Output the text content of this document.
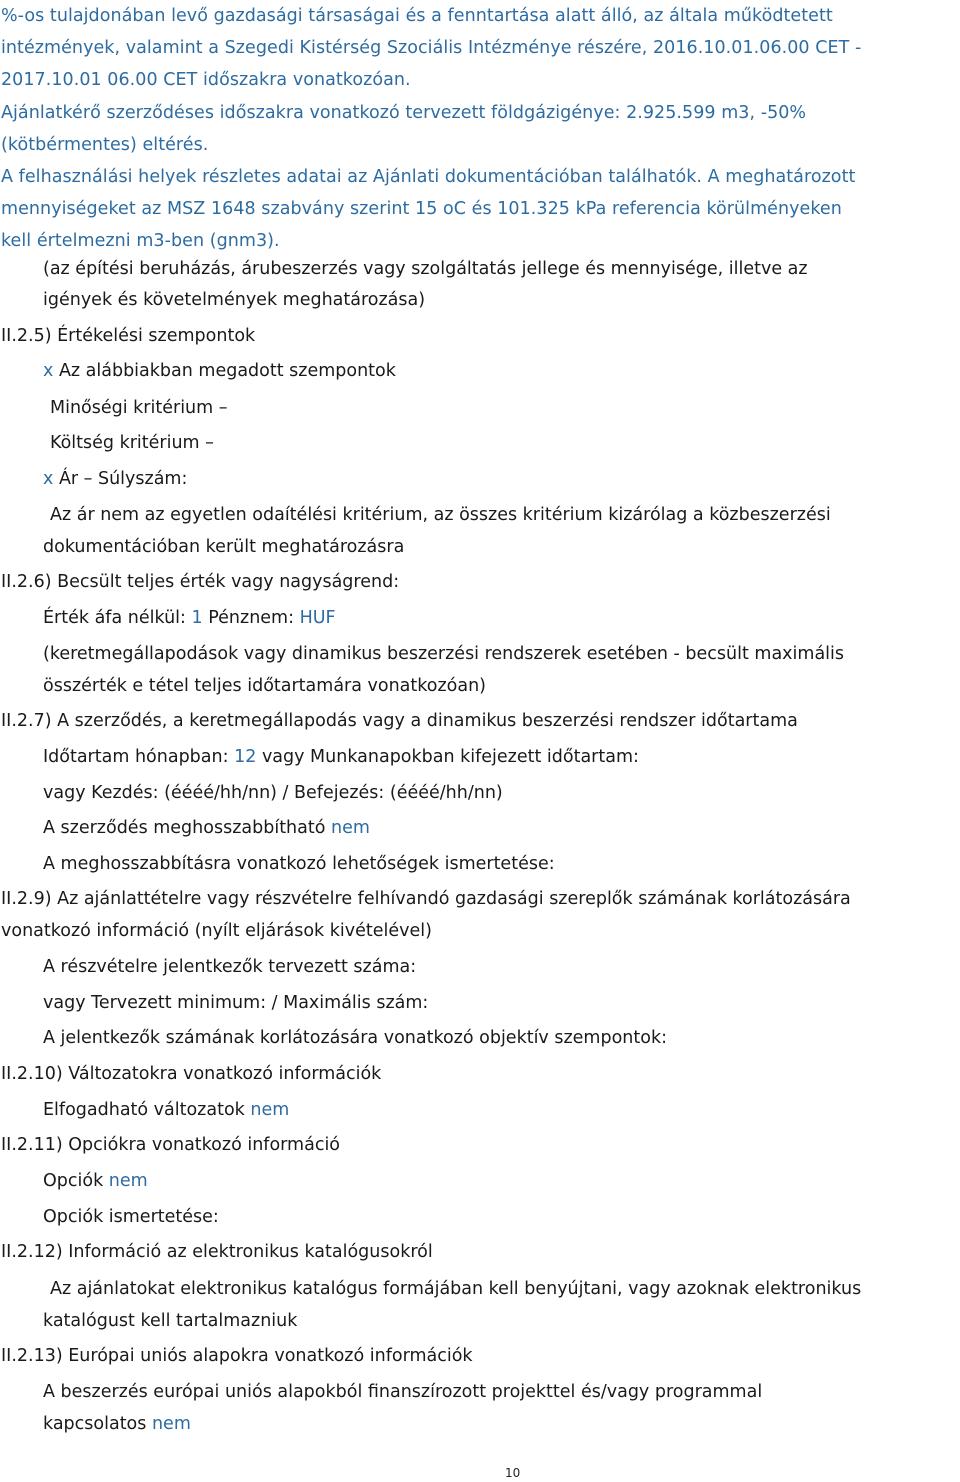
%-os tulajdonában levő gazdasági társaságai és a fenntartása alatt álló, az általa működtetett
intézmények, valamint a Szegedi Kistérség Szociális Intézménye részére, 2016.10.01.06.00 CET -
2017.10.01 06.00 CET időszakra vonatkozóan.
Ajánlatkérő szerződéses időszakra vonatkozó tervezett földgázigénye: 2.925.599 m3, -50%
(kötbérmentes) eltérés.
A felhasználási helyek részletes adatai az Ajánlati dokumentációban találhatók. A meghatározott
mennyiségeket az MSZ 1648 szabvány szerint 15 oC és 101.325 kPa referencia körülményeken
kell értelmezni m3-ben (gnm3).
(az építési beruházás, árubeszerzés vagy szolgáltatás jellege és mennyisége, illetve az
igények és követelmények meghatározása)
II.2.5) Értékelési szempontok
x Az alábbiakban megadott szempontok
Minőségi kritérium –
Költség kritérium –
x Ár – Súlyszám:
Az ár nem az egyetlen odaítélési kritérium, az összes kritérium kizárólag a közbeszerzési
dokumentációban került meghatározásra
II.2.6) Becsült teljes érték vagy nagyságrend:
Érték áfa nélkül: 1 Pénznem: HUF
(keretmegállapodások vagy dinamikus beszerzési rendszerek esetében - becsült maximális
összérték e tétel teljes időtartamára vonatkozóan)
II.2.7) A szerződés, a keretmegállapodás vagy a dinamikus beszerzési rendszer időtartama
Időtartam hónapban: 12 vagy Munkanapokban kifejezett időtartam:
vagy Kezdés: (éééé/hh/nn) / Befejezés: (éééé/hh/nn)
A szerződés meghosszabbítható nem
A meghosszabbításra vonatkozó lehetőségek ismertetése:
II.2.9) Az ajánlattételre vagy részvételre felhívandó gazdasági szereplők számának korlátozására
vonatkozó információ (nyílt eljárások kivételével)
A részvételre jelentkezők tervezett száma:
vagy Tervezett minimum: / Maximális szám:
A jelentkezők számának korlátozására vonatkozó objektív szempontok:
II.2.10) Változatokra vonatkozó információk
Elfogadható változatok nem
II.2.11) Opciókra vonatkozó információ
Opciók nem
Opciók ismertetése:
II.2.12) Információ az elektronikus katalógusokról
Az ajánlatokat elektronikus katalógus formájában kell benyújtani, vagy azoknak elektronikus
katalógust kell tartalmazniuk
II.2.13) Európai uniós alapokra vonatkozó információk
A beszerzés európai uniós alapokból finanszírozott projekttel és/vagy programmal
kapcsolatos nem
10
